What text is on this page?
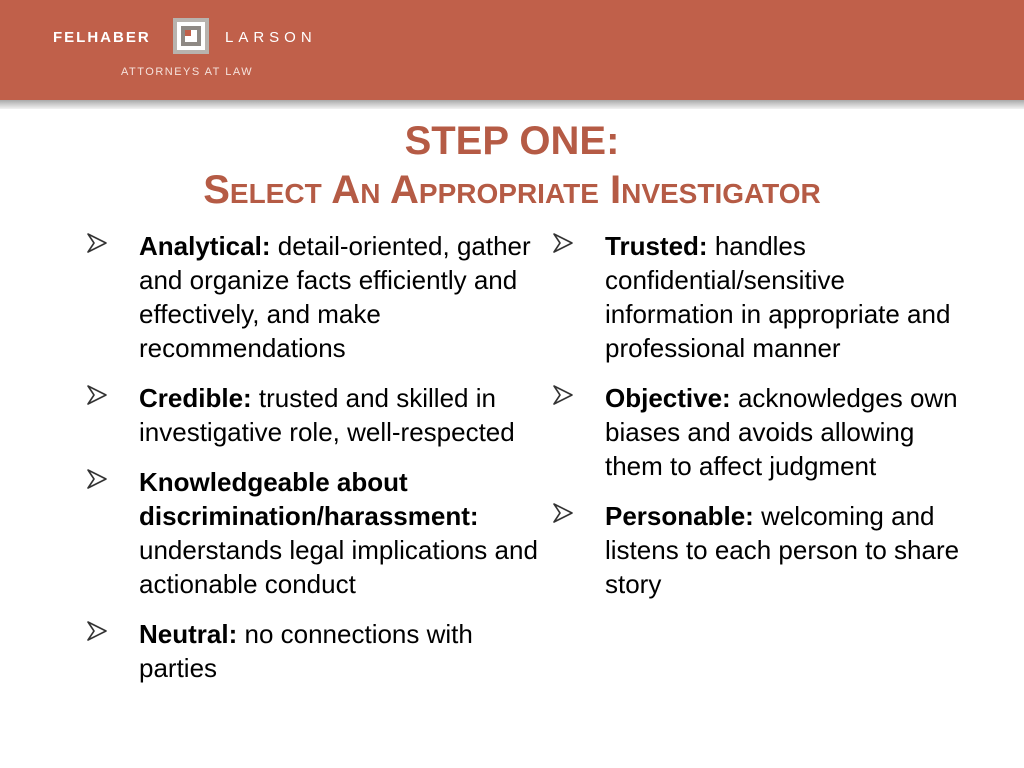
FELHABER	LARSON
ATTORNEYS AT LAW
STEP ONE:
Select An Appropriate Investigator
Analytical: detail-oriented, gather and organize facts efficiently and effectively, and make recommendations
Credible: trusted and skilled in investigative role, well-respected
Knowledgeable about discrimination/harassment: understands legal implications and actionable conduct
Neutral: no connections with parties
Trusted: handles confidential/sensitive information in appropriate and professional manner
Objective: acknowledges own biases and avoids allowing them to affect judgment
Personable: welcoming and listens to each person to share story
